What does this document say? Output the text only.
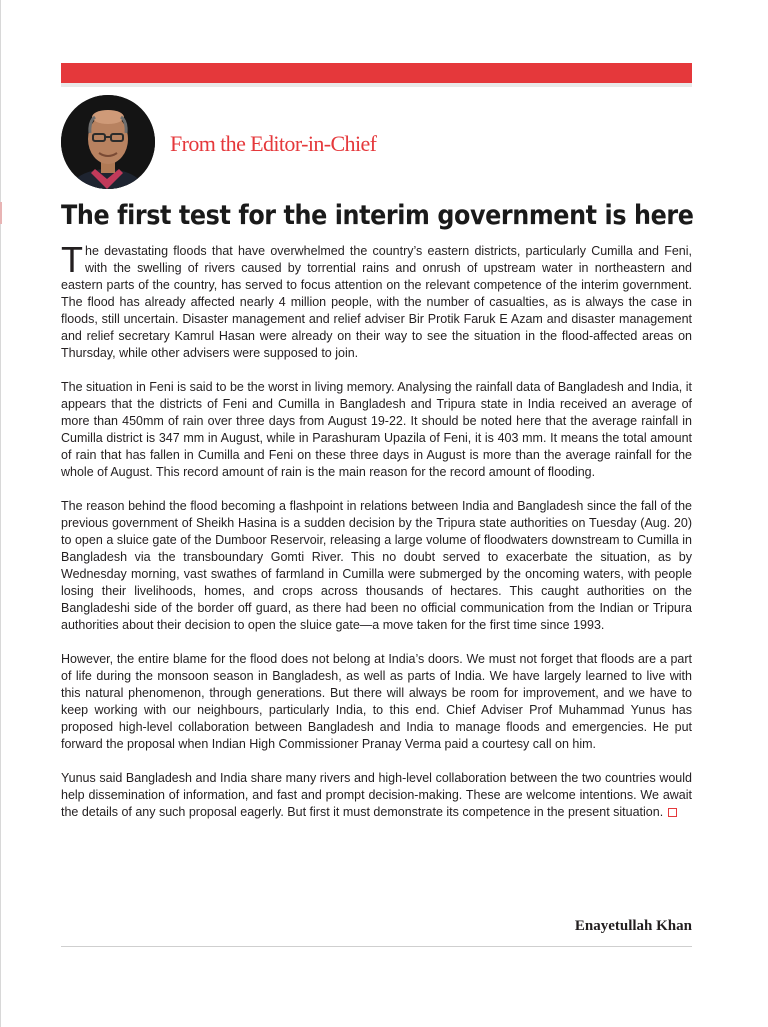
From the Editor-in-Chief
The first test for the interim government is here

The devastating floods that have overwhelmed the country’s eastern districts, particularly Cumilla and Feni, with the swelling of rivers caused by torrential rains and onrush of upstream water in northeastern and eastern parts of the country, has served to focus attention on the relevant competence of the interim government. The flood has already affected nearly 4 million people, with the number of casualties, as is always the case in floods, still uncertain. Disaster management and relief adviser Bir Protik Faruk E Azam and disaster management and relief secretary Kamrul Hasan were already on their way to see the situation in the flood-affected areas on Thursday, while other advisers were supposed to join.

The situation in Feni is said to be the worst in living memory. Analysing the rainfall data of Bangladesh and India, it appears that the districts of Feni and Cumilla in Bangladesh and Tripura state in India received an average of more than 450mm of rain over three days from August 19-22. It should be noted here that the average rainfall in Cumilla district is 347 mm in August, while in Parashuram Upazila of Feni, it is 403 mm. It means the total amount of rain that has fallen in Cumilla and Feni on these three days in August is more than the average rainfall for the whole of August. This record amount of rain is the main reason for the record amount of flooding.

The reason behind the flood becoming a flashpoint in relations between India and Bangladesh since the fall of the previous government of Sheikh Hasina is a sudden decision by the Tripura state authorities on Tuesday (Aug. 20) to open a sluice gate of the Dumboor Reservoir, releasing a large volume of floodwaters downstream to Cumilla in Bangladesh via the transboundary Gomti River. This no doubt served to exacerbate the situation, as by Wednesday morning, vast swathes of farmland in Cumilla were submerged by the oncoming waters, with people losing their livelihoods, homes, and crops across thousands of hectares. This caught authorities on the Bangladeshi side of the border off guard, as there had been no official communication from the Indian or Tripura authorities about their decision to open the sluice gate—a move taken for the first time since 1993.

However, the entire blame for the flood does not belong at India’s doors. We must not forget that floods are a part of life during the monsoon season in Bangladesh, as well as parts of India. We have largely learned to live with this natural phenomenon, through generations. But there will always be room for improvement, and we have to keep working with our neighbours, particularly India, to this end. Chief Adviser Prof Muhammad Yunus has proposed high-level collaboration between Bangladesh and India to manage floods and emergencies. He put forward the proposal when Indian High Commissioner Pranay Verma paid a courtesy call on him.

Yunus said Bangladesh and India share many rivers and high-level collaboration between the two countries would help dissemination of information, and fast and prompt decision-making. These are welcome intentions. We await the details of any such proposal eagerly. But first it must demonstrate its competence in the present situation.

Enayetullah Khan
